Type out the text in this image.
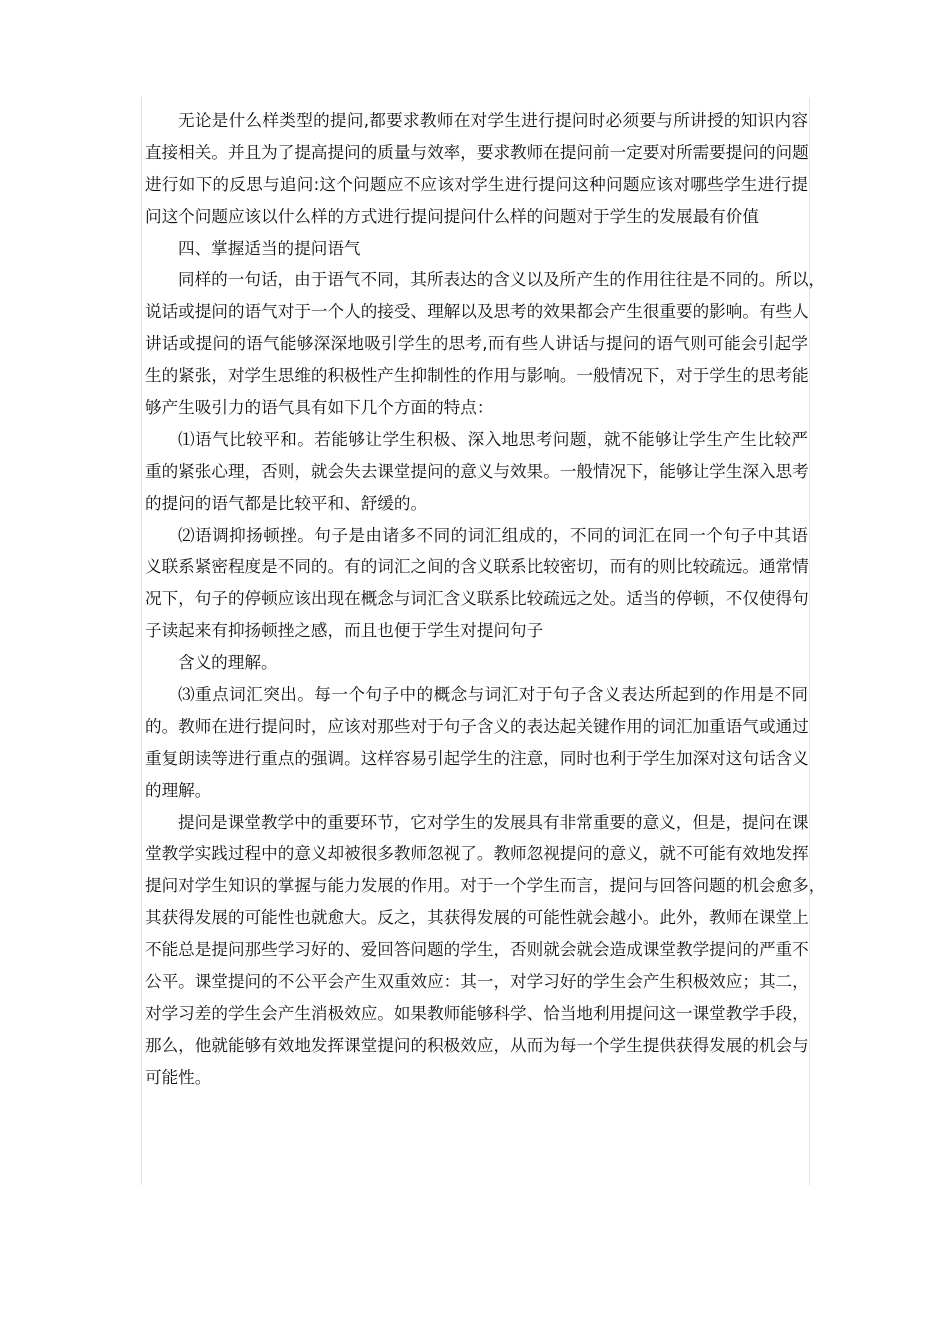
无论是什么样类型的提问,都要求教师在对学生进行提问时必须要与所讲授的知识内容
直接相关。并且为了提高提问的质量与效率，要求教师在提问前一定要对所需要提问的问题
进行如下的反思与追问:这个问题应不应该对学生进行提问这种问题应该对哪些学生进行提
问这个问题应该以什么样的方式进行提问提问什么样的问题对于学生的发展最有价值
四、掌握适当的提问语气
同样的一句话，由于语气不同，其所表达的含义以及所产生的作用往往是不同的。所以，
说话或提问的语气对于一个人的接受、理解以及思考的效果都会产生很重要的影响。有些人
讲话或提问的语气能够深深地吸引学生的思考,而有些人讲话与提问的语气则可能会引起学
生的紧张，对学生思维的积极性产生抑制性的作用与影响。一般情况下，对于学生的思考能
够产生吸引力的语气具有如下几个方面的特点：
⑴语气比较平和。若能够让学生积极、深入地思考问题，就不能够让学生产生比较严
重的紧张心理，否则，就会失去课堂提问的意义与效果。一般情况下，能够让学生深入思考
的提问的语气都是比较平和、舒缓的。
⑵语调抑扬顿挫。句子是由诸多不同的词汇组成的，不同的词汇在同一个句子中其语
义联系紧密程度是不同的。有的词汇之间的含义联系比较密切，而有的则比较疏远。通常情
况下，句子的停顿应该出现在概念与词汇含义联系比较疏远之处。适当的停顿，不仅使得句
子读起来有抑扬顿挫之感，而且也便于学生对提问句子
含义的理解。
⑶重点词汇突出。每一个句子中的概念与词汇对于句子含义表达所起到的作用是不同
的。教师在进行提问时，应该对那些对于句子含义的表达起关键作用的词汇加重语气或通过
重复朗读等进行重点的强调。这样容易引起学生的注意，同时也利于学生加深对这句话含义
的理解。
提问是课堂教学中的重要环节，它对学生的发展具有非常重要的意义，但是，提问在课
堂教学实践过程中的意义却被很多教师忽视了。教师忽视提问的意义，就不可能有效地发挥
提问对学生知识的掌握与能力发展的作用。对于一个学生而言，提问与回答问题的机会愈多，
其获得发展的可能性也就愈大。反之，其获得发展的可能性就会越小。此外，教师在课堂上
不能总是提问那些学习好的、爱回答问题的学生，否则就会就会造成课堂教学提问的严重不
公平。课堂提问的不公平会产生双重效应：其一，对学习好的学生会产生积极效应；其二，
对学习差的学生会产生消极效应。如果教师能够科学、恰当地利用提问这一课堂教学手段，
那么，他就能够有效地发挥课堂提问的积极效应，从而为每一个学生提供获得发展的机会与
可能性。
